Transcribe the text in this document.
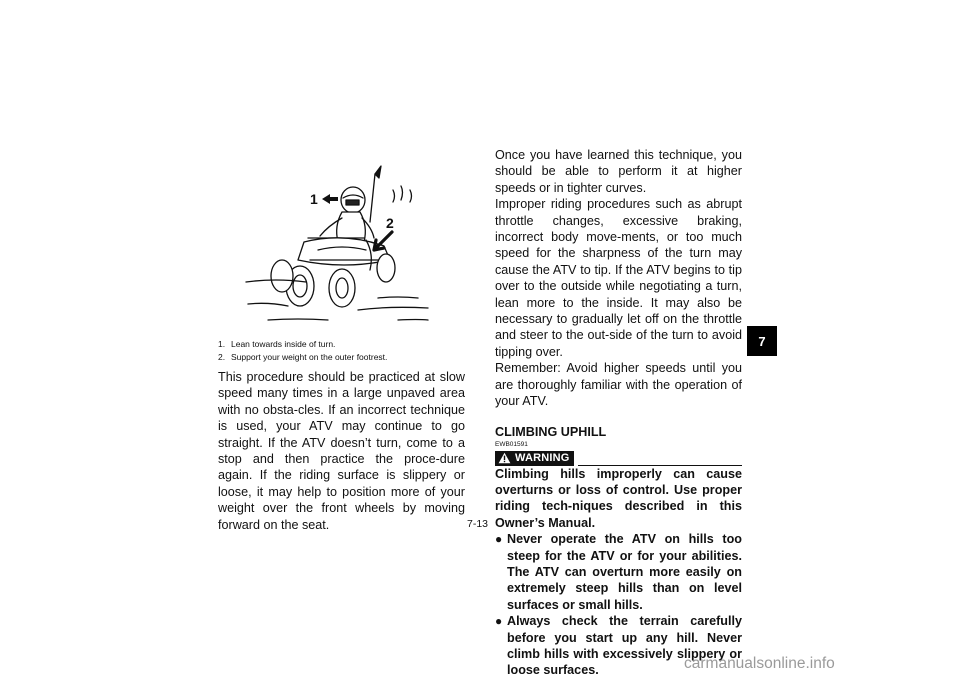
1
2
1. Lean towards inside of turn.
2. Support your weight on the outer footrest.

This procedure should be practiced at slow speed many times in a large unpaved area with no obsta-cles. If an incorrect technique is used, your ATV may continue to go straight. If the ATV doesn’t turn, come to a stop and then practice the proce-dure again. If the riding surface is slippery or loose, it may help to position more of your weight over the front wheels by moving forward on the seat.

Once you have learned this technique, you should be able to perform it at higher speeds or in tighter curves.

Improper riding procedures such as abrupt throttle changes, excessive braking, incorrect body move-ments, or too much speed for the sharpness of the turn may cause the ATV to tip. If the ATV begins to tip over to the outside while negotiating a turn, lean more to the inside. It may also be necessary to gradually let off on the throttle and steer to the out-side of the turn to avoid tipping over.

Remember: Avoid higher speeds until you are thoroughly familiar with the operation of your ATV.

CLIMBING UPHILL
EWB01591
WARNING

Climbing hills improperly can cause overturns or loss of control. Use proper riding tech-niques described in this Owner’s Manual.

● Never operate the ATV on hills too steep for the ATV or for your abilities. The ATV can overturn more easily on extremely steep hills than on level surfaces or small hills.
● Always check the terrain carefully before you start up any hill. Never climb hills with excessively slippery or loose surfaces.
7-13
7
carmanualsonline.info
